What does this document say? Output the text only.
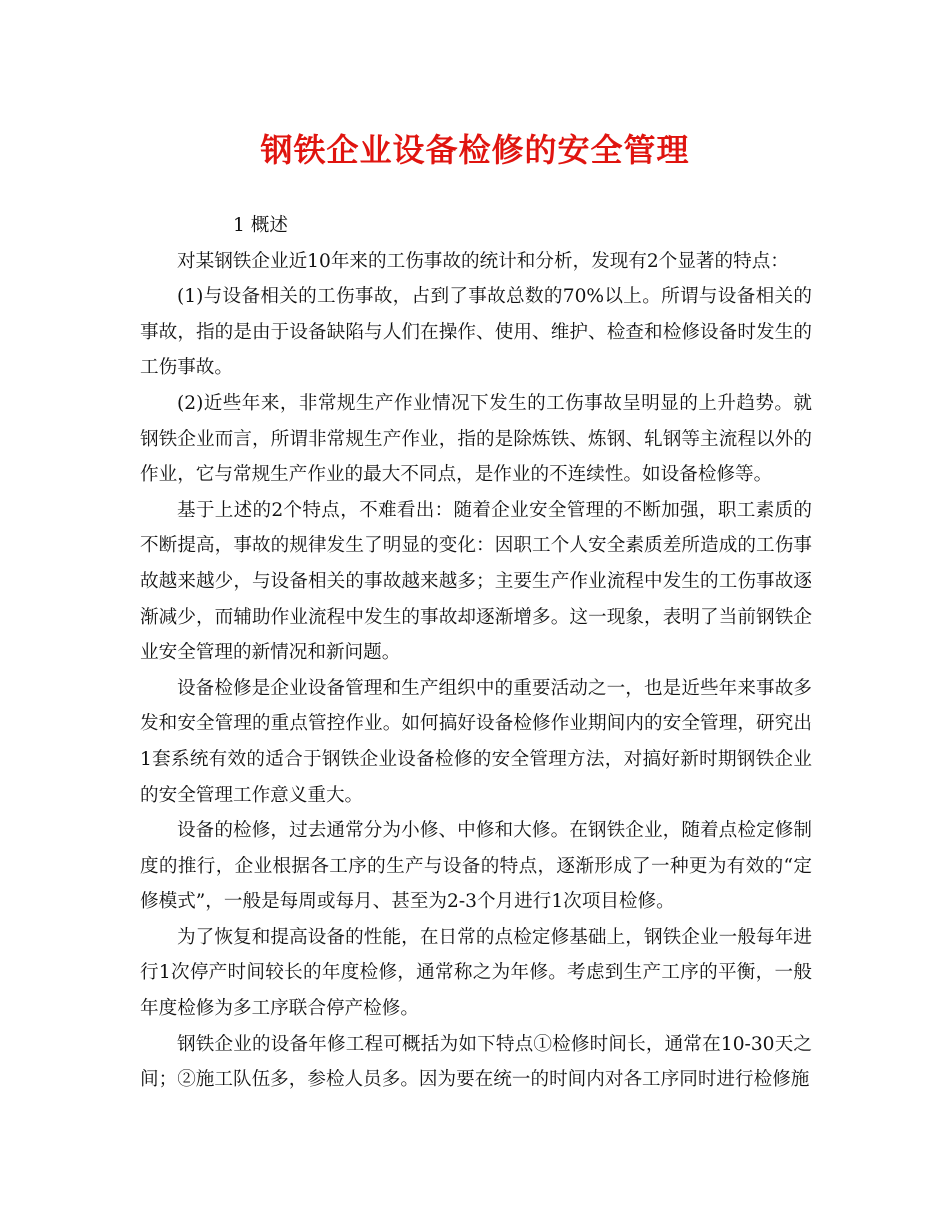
钢铁企业设备检修的安全管理

1 概述

对某钢铁企业近10年来的工伤事故的统计和分析，发现有2个显著的特点：

(1)与设备相关的工伤事故，占到了事故总数的70%以上。所谓与设备相关的事故，指的是由于设备缺陷与人们在操作、使用、维护、检查和检修设备时发生的工伤事故。

(2)近些年来，非常规生产作业情况下发生的工伤事故呈明显的上升趋势。就钢铁企业而言，所谓非常规生产作业，指的是除炼铁、炼钢、轧钢等主流程以外的作业，它与常规生产作业的最大不同点，是作业的不连续性。如设备检修等。

基于上述的2个特点，不难看出：随着企业安全管理的不断加强，职工素质的不断提高，事故的规律发生了明显的变化：因职工个人安全素质差所造成的工伤事故越来越少，与设备相关的事故越来越多；主要生产作业流程中发生的工伤事故逐渐减少，而辅助作业流程中发生的事故却逐渐增多。这一现象，表明了当前钢铁企业安全管理的新情况和新问题。

设备检修是企业设备管理和生产组织中的重要活动之一，也是近些年来事故多发和安全管理的重点管控作业。如何搞好设备检修作业期间内的安全管理，研究出1套系统有效的适合于钢铁企业设备检修的安全管理方法，对搞好新时期钢铁企业的安全管理工作意义重大。

设备的检修，过去通常分为小修、中修和大修。在钢铁企业，随着点检定修制度的推行，企业根据各工序的生产与设备的特点，逐渐形成了一种更为有效的“定修模式”，一般是每周或每月、甚至为2-3个月进行1次项目检修。

为了恢复和提高设备的性能，在日常的点检定修基础上，钢铁企业一般每年进行1次停产时间较长的年度检修，通常称之为年修。考虑到生产工序的平衡，一般年度检修为多工序联合停产检修。

钢铁企业的设备年修工程可概括为如下特点①检修时间长，通常在10-30天之间；②施工队伍多，参检人员多。因为要在统一的时间内对各工序同时进行检修施
